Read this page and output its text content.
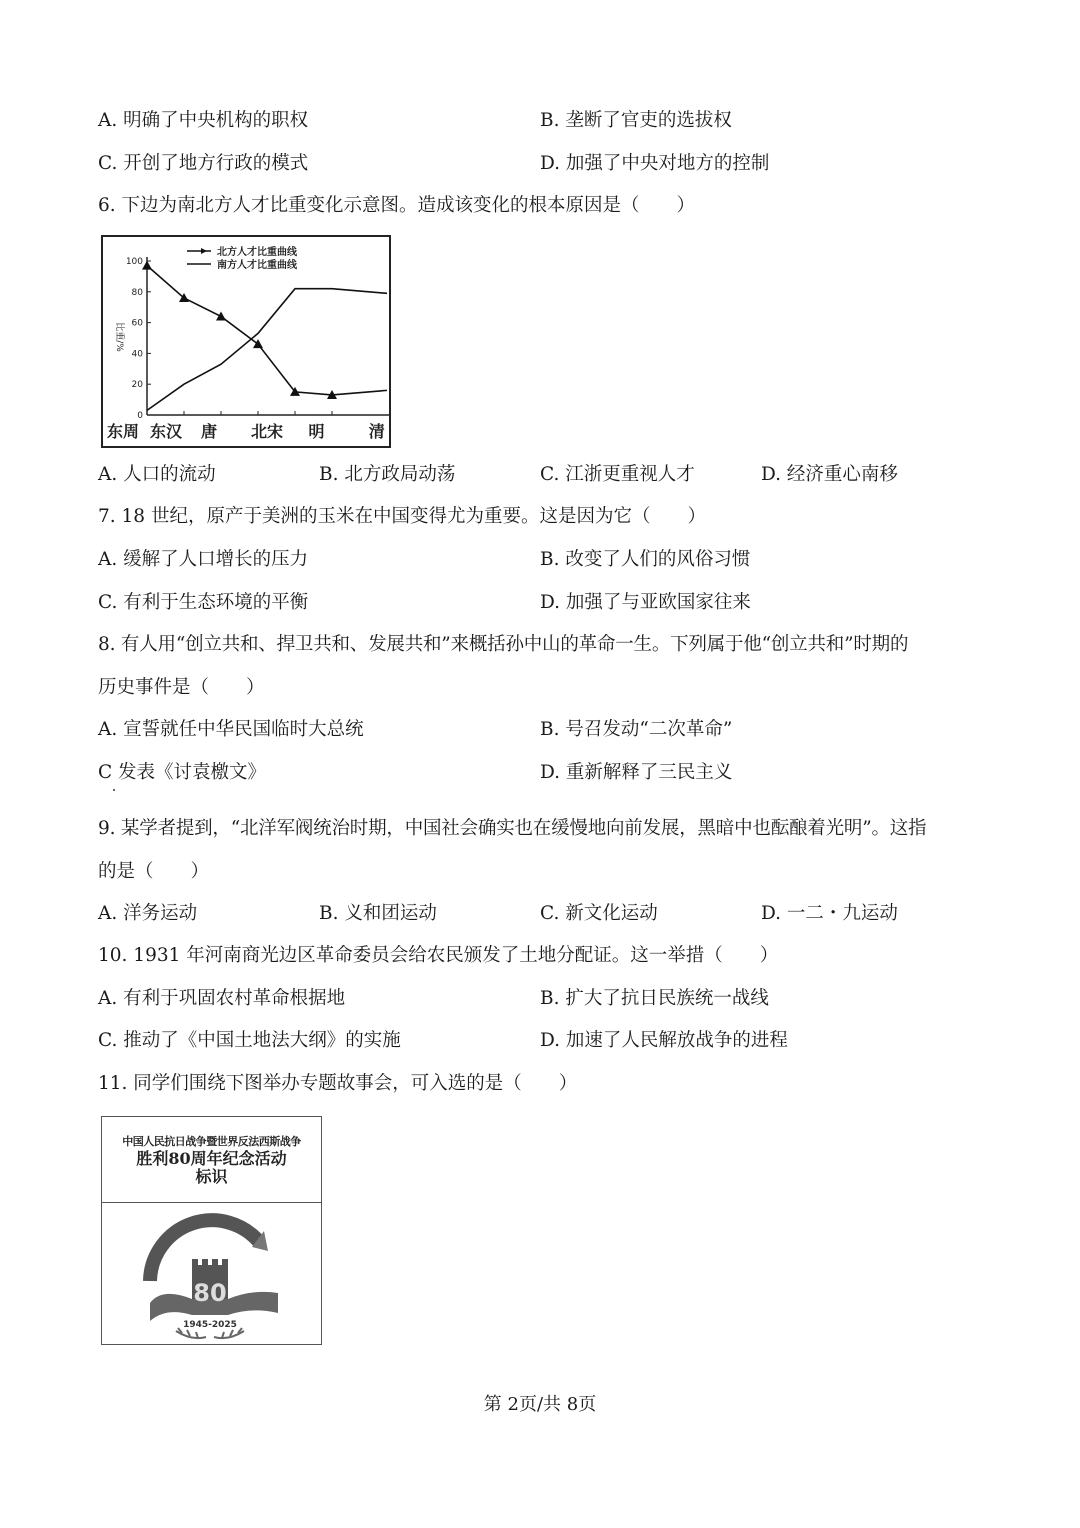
A. 明确了中央机构的职权	B. 垄断了官吏的选拔权
C. 开创了地方行政的模式	D. 加强了中央对地方的控制
6. 下边为南北方人才比重变化示意图。造成该变化的根本原因是（　　）
0
20
40
60
80
100
比重/%
东周 东汉 唐 北宋 明	清
北方人才比重曲线
南方人才比重曲线
A. 人口的流动	B. 北方政局动荡	C. 江浙更重视人才	D. 经济重心南移
7. 18 世纪，原产于美洲的玉米在中国变得尤为重要。这是因为它（　　）
A. 缓解了人口增长的压力	B. 改变了人们的风俗习惯
C. 有利于生态环境的平衡	D. 加强了与亚欧国家往来
8. 有人用“创立共和、捍卫共和、发展共和”来概括孙中山的革命一生。下列属于他“创立共和”时期的
历史事件是（　　）
A. 宣誓就任中华民国临时大总统	B. 号召发动“二次革命”
C 发表《讨袁檄文》	D. 重新解释了三民主义
9. 某学者提到，“北洋军阀统治时期，中国社会确实也在缓慢地向前发展，黑暗中也酝酿着光明”。这指
的是（　　）
A. 洋务运动	B. 义和团运动	C. 新文化运动	D. 一二・九运动
10. 1931 年河南商光边区革命委员会给农民颁发了土地分配证。这一举措（　　）
A. 有利于巩固农村革命根据地	B. 扩大了抗日民族统一战线
C. 推动了《中国土地法大纲》的实施	D. 加速了人民解放战争的进程
11. 同学们围绕下图举办专题故事会，可入选的是（　　）
中国人民抗日战争暨世界反法西斯战争
胜利80周年纪念活动
标识
80
1945-2025
第 2页/共 8页
